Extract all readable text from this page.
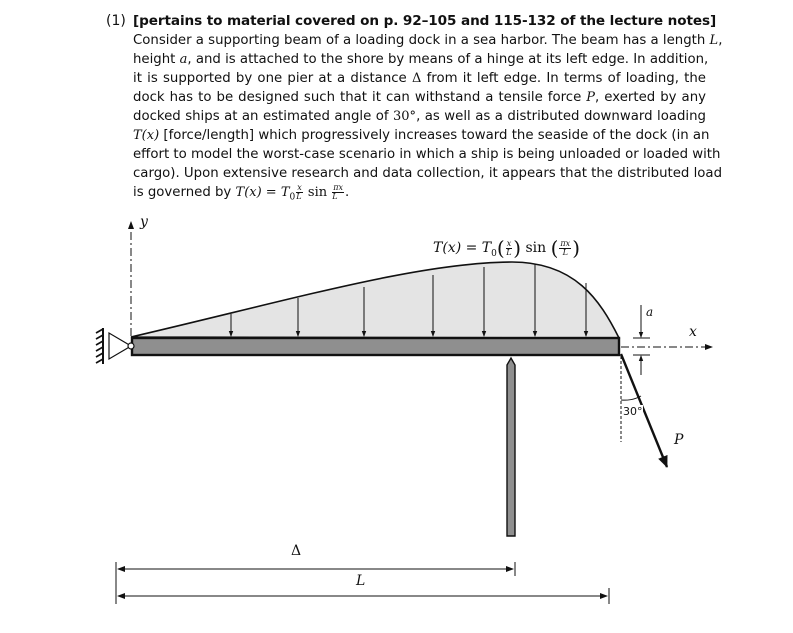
(1) [pertains to material covered on p. 92–105 and 115-132 of the lecture notes]
Consider a supporting beam of a loading dock in a sea harbor. The beam has a length L,
height a, and is attached to the shore by means of a hinge at its left edge. In addition,
it is supported by one pier at a distance Δ from it left edge. In terms of loading, the
dock has to be designed such that it can withstand a tensile force P, exerted by any
docked ships at an estimated angle of 30°, as well as a distributed downward loading
T(x) [force/length] which progressively increases toward the seaside of the dock (in an
effort to model the worst-case scenario in which a ship is being unloaded or loaded with
cargo). Upon extensive research and data collection, it appears that the distributed load
is governed by $T(x) = T_0 \frac{x}{L}$ $\sin \frac{\pi x}{L}$ .
$T(x) = T_0( \frac{x}{L}$ ) sin ( $\frac{\pi x}{L}$ )
y
x
a
30°
P
Δ
L
